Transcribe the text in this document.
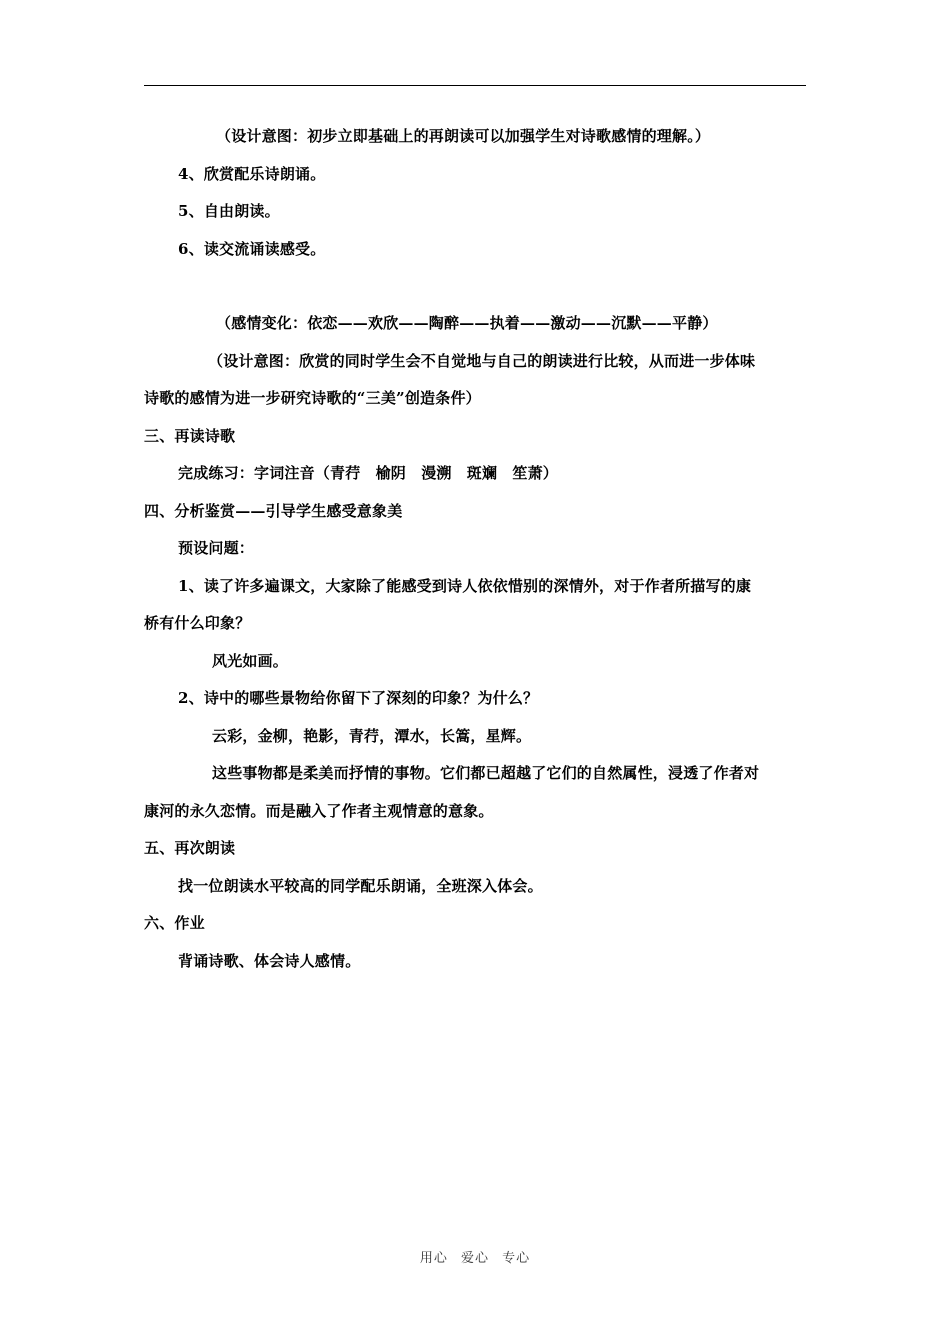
（设计意图：初步立即基础上的再朗读可以加强学生对诗歌感情的理解。）
4、欣赏配乐诗朗诵。
5、自由朗读。
6、读交流诵读感受。
（感情变化：依恋——欢欣——陶醉——执着——激动——沉默——平静）
（设计意图：欣赏的同时学生会不自觉地与自己的朗读进行比较，从而进一步体味
诗歌的感情为进一步研究诗歌的“三美”创造条件）
三、再读诗歌
完成练习：字词注音（青荇　榆阴　漫溯　斑斓　笙萧）
四、分析鉴赏——引导学生感受意象美
预设问题：
1、读了许多遍课文，大家除了能感受到诗人依依惜别的深情外，对于作者所描写的康
桥有什么印象？
风光如画。
2、诗中的哪些景物给你留下了深刻的印象？为什么？
云彩，金柳，艳影，青荇，潭水，长篙，星辉。
这些事物都是柔美而抒情的事物。它们都已超越了它们的自然属性，浸透了作者对
康河的永久恋情。而是融入了作者主观情意的意象。
五、再次朗读
找一位朗读水平较高的同学配乐朗诵，全班深入体会。
六、作业
背诵诗歌、体会诗人感情。
用心 爱心 专心
